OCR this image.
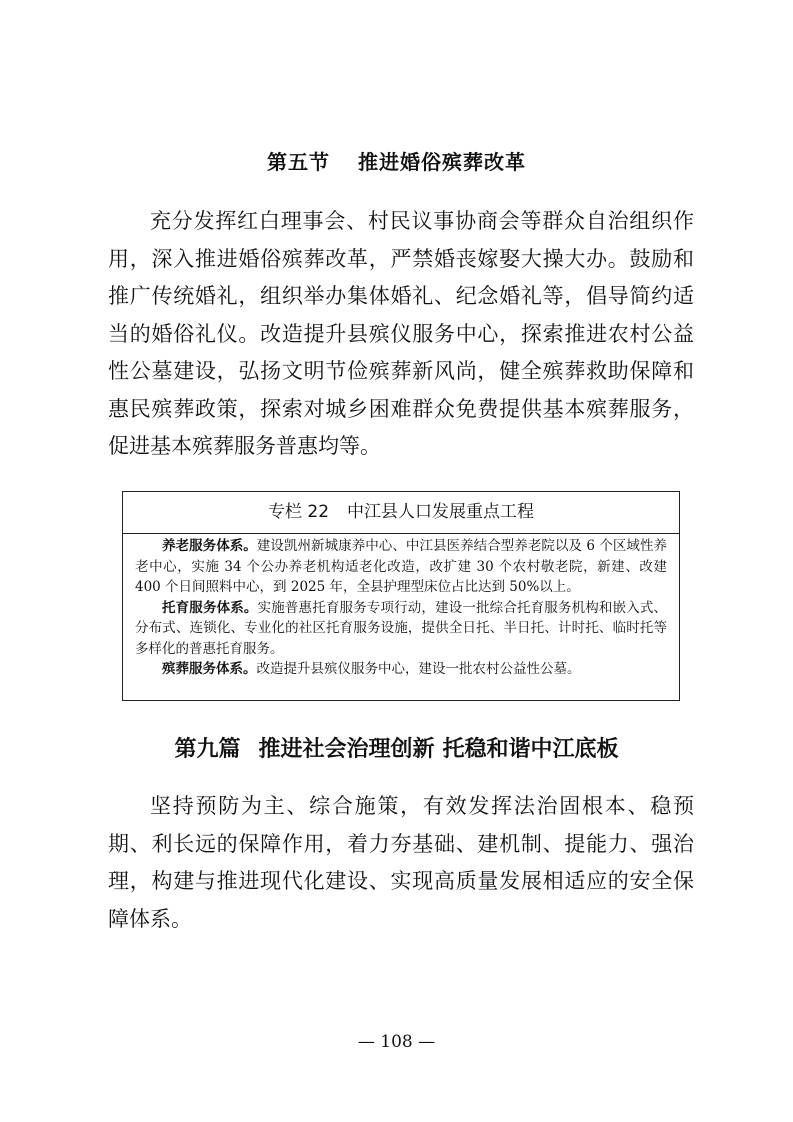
第五节 推进婚俗殡葬改革

充分发挥红白理事会、村民议事协商会等群众自治组织作用，深入推进婚俗殡葬改革，严禁婚丧嫁娶大操大办。鼓励和推广传统婚礼，组织举办集体婚礼、纪念婚礼等，倡导简约适当的婚俗礼仪。改造提升县殡仪服务中心，探索推进农村公益性公墓建设，弘扬文明节俭殡葬新风尚，健全殡葬救助保障和惠民殡葬政策，探索对城乡困难群众免费提供基本殡葬服务，促进基本殡葬服务普惠均等。

专栏 22 中江县人口发展重点工程

养老服务体系。建设凯州新城康养中心、中江县医养结合型养老院以及 6 个区域性养老中心，实施 34 个公办养老机构适老化改造，改扩建 30 个农村敬老院，新建、改建 400 个日间照料中心，到 2025 年，全县护理型床位占比达到 50%以上。

托育服务体系。实施普惠托育服务专项行动，建设一批综合托育服务机构和嵌入式、分布式、连锁化、专业化的社区托育服务设施，提供全日托、半日托、计时托、临时托等多样化的普惠托育服务。

殡葬服务体系。改造提升县殡仪服务中心，建设一批农村公益性公墓。

第九篇 推进社会治理创新 托稳和谐中江底板

坚持预防为主、综合施策，有效发挥法治固根本、稳预期、利长远的保障作用，着力夯基础、建机制、提能力、强治理，构建与推进现代化建设、实现高质量发展相适应的安全保障体系。

— 108 —
